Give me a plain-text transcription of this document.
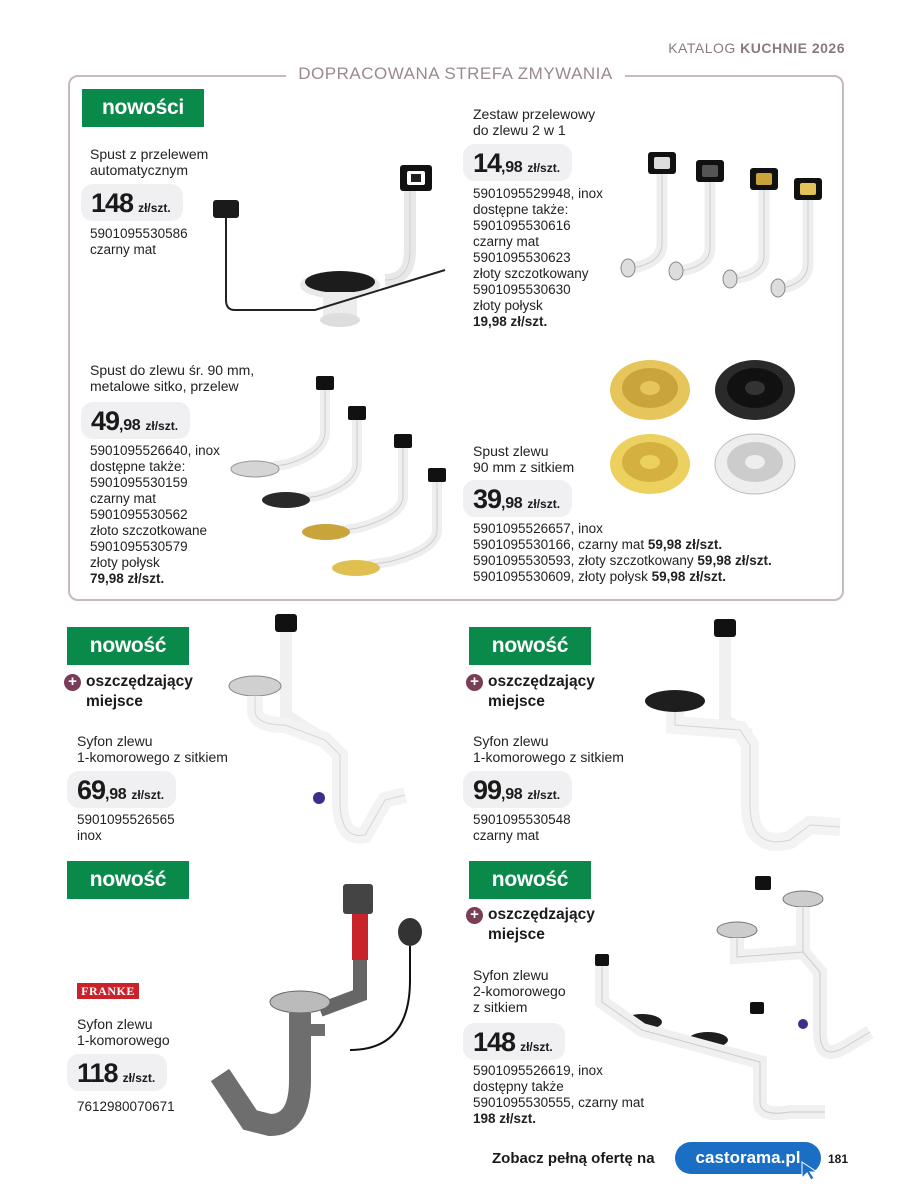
KATALOG KUCHNIE 2026
DOPRACOWANA STREFA ZMYWANIA
nowości
Spust z przelewem
automatycznym
148 zł/szt.
5901095530586
czarny mat
Zestaw przelewowy
do zlewu 2 w 1
14 ,98 zł/szt.
5901095529948, inox
dostępne także:
5901095530616
czarny mat
5901095530623
złoty szczotkowany
5901095530630
złoty połysk
19,98 zł/szt.
Spust do zlewu śr. 90 mm,
metalowe sitko, przelew
49 ,98 zł/szt.
5901095526640, inox
dostępne także:
5901095530159
czarny mat
5901095530562
złoto szczotkowane
5901095530579
złoty połysk
79,98 zł/szt.
Spust zlewu
90 mm z sitkiem
39 ,98 zł/szt.
5901095526657, inox
5901095530166, czarny mat 59,98 zł/szt.
5901095530593, złoty szczotkowany 59,98 zł/szt.
5901095530609, złoty połysk 59,98 zł/szt.
nowość
+ oszczędzający
miejsce
Syfon zlewu
1-komorowego z sitkiem
69 ,98 zł/szt.
5901095526565
inox
nowość
+ oszczędzający
miejsce
Syfon zlewu
1-komorowego z sitkiem
99 ,98 zł/szt.
5901095530548
czarny mat
nowość
FRANKE
Syfon zlewu
1-komorowego
118 zł/szt.
7612980070671
nowość
+ oszczędzający
miejsce
Syfon zlewu
2-komorowego
z sitkiem
148 zł/szt.
5901095526619, inox
dostępny także
5901095530555, czarny mat
198 zł/szt.
Zobacz pełną ofertę na castorama.pl 181
